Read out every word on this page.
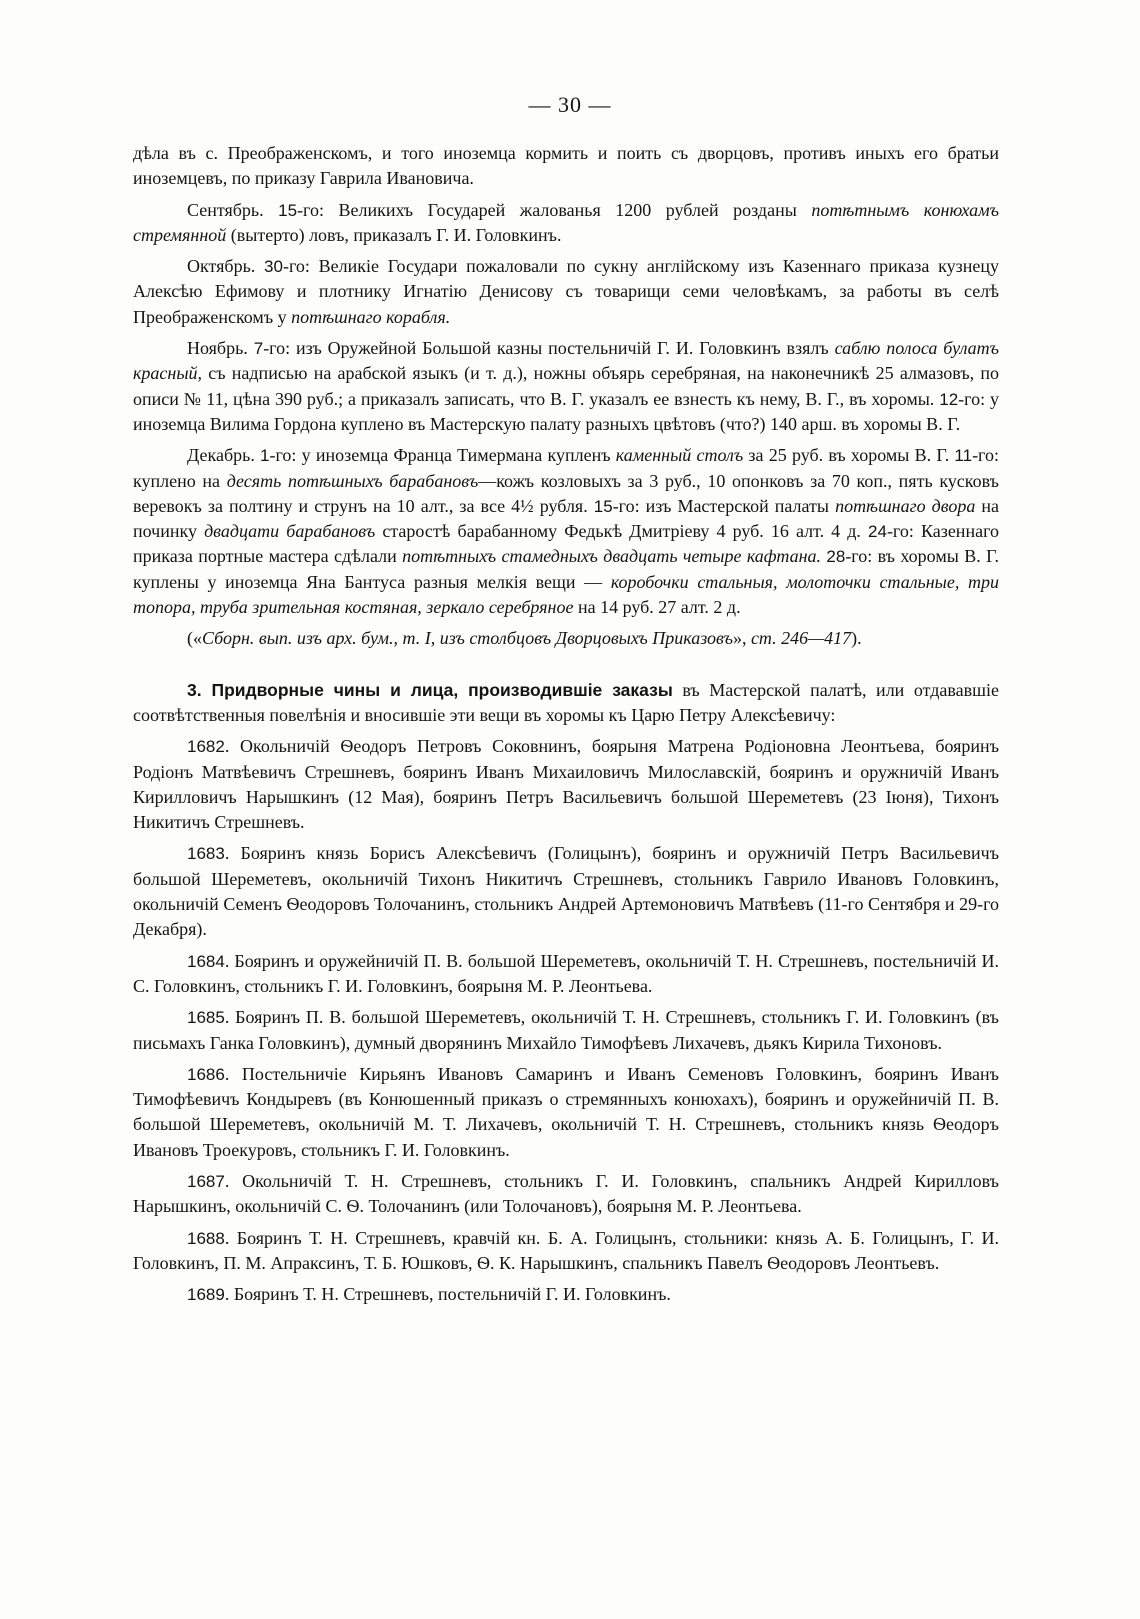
— 30 —

дѣла въ с. Преображенскомъ, и того иноземца кормить и поить съ дворцовъ, противъ иныхъ его братьи иноземцевъ, по приказу Гаврила Ивановича.

Сентябрь. 15-го: Великихъ Государей жалованья 1200 рублей розданы потѣтнымъ конюхамъ стремянной (вытерто) ловъ, приказалъ Г. И. Головкинъ.

Октябрь. 30-го: Великіе Государи пожаловали по сукну англійскому изъ Казеннаго приказа кузнецу Алексѣю Ефимову и плотнику Игнатію Денисову съ товарищи семи человѣкамъ, за работы въ селѣ Преображенскомъ у потѣшнаго корабля.

Ноябрь. 7-го: изъ Оружейной Большой казны постельничій Г. И. Головкинъ взялъ саблю полоса булатъ красный, съ надписью на арабской языкъ (и т. д.), ножны объярь серебряная, на наконечникѣ 25 алмазовъ, по описи № 11, цѣна 390 руб.; а приказалъ записать, что В. Г. указалъ ее взнесть къ нему, В. Г., въ хоромы. 12-го: у иноземца Вилима Гордона куплено въ Мастерскую палату разныхъ цвѣтовъ (что?) 140 арш. въ хоромы В. Г.

Декабрь. 1-го: у иноземца Франца Тимермана купленъ каменный столъ за 25 руб. въ хоромы В. Г. 11-го: куплено на десять потѣшныхъ барабановъ—кожъ козловыхъ за 3 руб., 10 опонковъ за 70 коп., пять кусковъ веревокъ за полтину и струнъ на 10 алт., за все 4½ рубля. 15-го: изъ Мастерской палаты потѣшнаго двора на починку двадцати барабановъ старостѣ барабанному Федькѣ Дмитріеву 4 руб. 16 алт. 4 д. 24-го: Казеннаго приказа портные мастера сдѣлали потѣтныхъ стамедныхъ двадцать четыре кафтана. 28-го: въ хоромы В. Г. куплены у иноземца Яна Бантуса разныя мелкія вещи — коробочки стальныя, молоточки стальные, три топора, труба зрительная костяная, зеркало серебряное на 14 руб. 27 алт. 2 д.

(«Сборн. вып. изъ арх. бум., т. I, изъ столбцовъ Дворцовыхъ Приказовъ», ст. 246—417).

3. Придворные чины и лица, производившіе заказы въ Мастерской палатѣ, или отдававшіе соотвѣтственныя повелѣнія и вносившіе эти вещи въ хоромы къ Царю Петру Алексѣевичу:

1682. Окольничій Ѳеодоръ Петровъ Соковнинъ, боярыня Матрена Родіоновна Леонтьева, бояринъ Родіонъ Матвѣевичъ Стрешневъ, бояринъ Иванъ Михаиловичъ Милославскій, бояринъ и оружничій Иванъ Кирилловичъ Нарышкинъ (12 Мая), бояринъ Петръ Васильевичъ большой Шереметевъ (23 Іюня), Тихонъ Никитичъ Стрешневъ.

1683. Бояринъ князь Борисъ Алексѣевичъ (Голицынъ), бояринъ и оружничій Петръ Васильевичъ большой Шереметевъ, окольничій Тихонъ Никитичъ Стрешневъ, стольникъ Гаврило Ивановъ Головкинъ, окольничій Семенъ Ѳеодоровъ Толочанинъ, стольникъ Андрей Артемоновичъ Матвѣевъ (11-го Сентября и 29-го Декабря).

1684. Бояринъ и оружейничій П. В. большой Шереметевъ, окольничій Т. Н. Стрешневъ, постельничій И. С. Головкинъ, стольникъ Г. И. Головкинъ, боярыня М. Р. Леонтьева.

1685. Бояринъ П. В. большой Шереметевъ, окольничій Т. Н. Стрешневъ, стольникъ Г. И. Головкинъ (въ письмахъ Ганка Головкинъ), думный дворянинъ Михайло Тимофѣевъ Лихачевъ, дьякъ Кирила Тихоновъ.

1686. Постельничіе Кирьянъ Ивановъ Самаринъ и Иванъ Семеновъ Головкинъ, бояринъ Иванъ Тимофѣевичъ Кондыревъ (въ Конюшенный приказъ о стремянныхъ конюхахъ), бояринъ и оружейничій П. В. большой Шереметевъ, окольничій М. Т. Лихачевъ, окольничій Т. Н. Стрешневъ, стольникъ князь Ѳеодоръ Ивановъ Троекуровъ, стольникъ Г. И. Головкинъ.

1687. Окольничій Т. Н. Стрешневъ, стольникъ Г. И. Головкинъ, спальникъ Андрей Кирилловъ Нарышкинъ, окольничій С. Ѳ. Толочанинъ (или Толочановъ), боярыня М. Р. Леонтьева.

1688. Бояринъ Т. Н. Стрешневъ, кравчій кн. Б. А. Голицынъ, стольники: князь А. Б. Голицынъ, Г. И. Головкинъ, П. М. Апраксинъ, Т. Б. Юшковъ, Ѳ. К. Нарышкинъ, спальникъ Павелъ Ѳеодоровъ Леонтьевъ.

1689. Бояринъ Т. Н. Стрешневъ, постельничій Г. И. Головкинъ.
